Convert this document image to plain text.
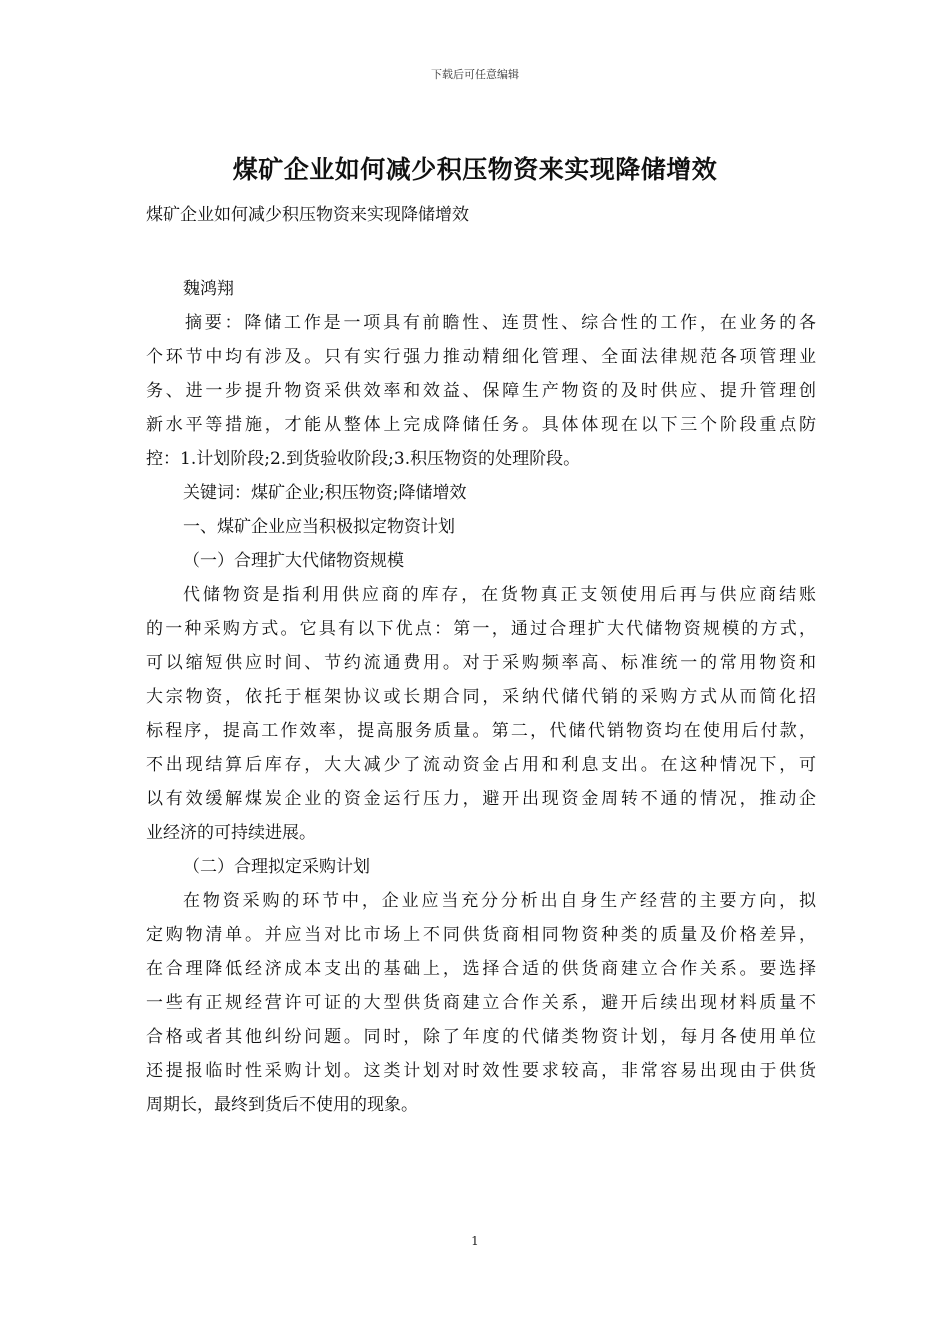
下载后可任意编辑
煤矿企业如何减少积压物资来实现降储增效
煤矿企业如何减少积压物资来实现降储增效
魏鸿翔
摘要：降储工作是一项具有前瞻性、连贯性、综合性的工作，在业务的各
个环节中均有涉及。只有实行强力推动精细化管理、全面法律规范各项管理业
务、进一步提升物资采供效率和效益、保障生产物资的及时供应、提升管理创
新水平等措施，才能从整体上完成降储任务。具体体现在以下三个阶段重点防
控：1.计划阶段;2.到货验收阶段;3.积压物资的处理阶段。
关键词：煤矿企业;积压物资;降储增效
一、煤矿企业应当积极拟定物资计划
（一）合理扩大代储物资规模
代储物资是指利用供应商的库存，在货物真正支领使用后再与供应商结账
的一种采购方式。它具有以下优点：第一，通过合理扩大代储物资规模的方式，
可以缩短供应时间、节约流通费用。对于采购频率高、标准统一的常用物资和
大宗物资，依托于框架协议或长期合同，采纳代储代销的采购方式从而简化招
标程序，提高工作效率，提高服务质量。第二，代储代销物资均在使用后付款，
不出现结算后库存，大大减少了流动资金占用和利息支出。在这种情况下，可
以有效缓解煤炭企业的资金运行压力，避开出现资金周转不通的情况，推动企
业经济的可持续进展。
（二）合理拟定采购计划
在物资采购的环节中，企业应当充分分析出自身生产经营的主要方向，拟
定购物清单。并应当对比市场上不同供货商相同物资种类的质量及价格差异，
在合理降低经济成本支出的基础上，选择合适的供货商建立合作关系。要选择
一些有正规经营许可证的大型供货商建立合作关系，避开后续出现材料质量不
合格或者其他纠纷问题。同时，除了年度的代储类物资计划，每月各使用单位
还提报临时性采购计划。这类计划对时效性要求较高，非常容易出现由于供货
周期长，最终到货后不使用的现象。
1
